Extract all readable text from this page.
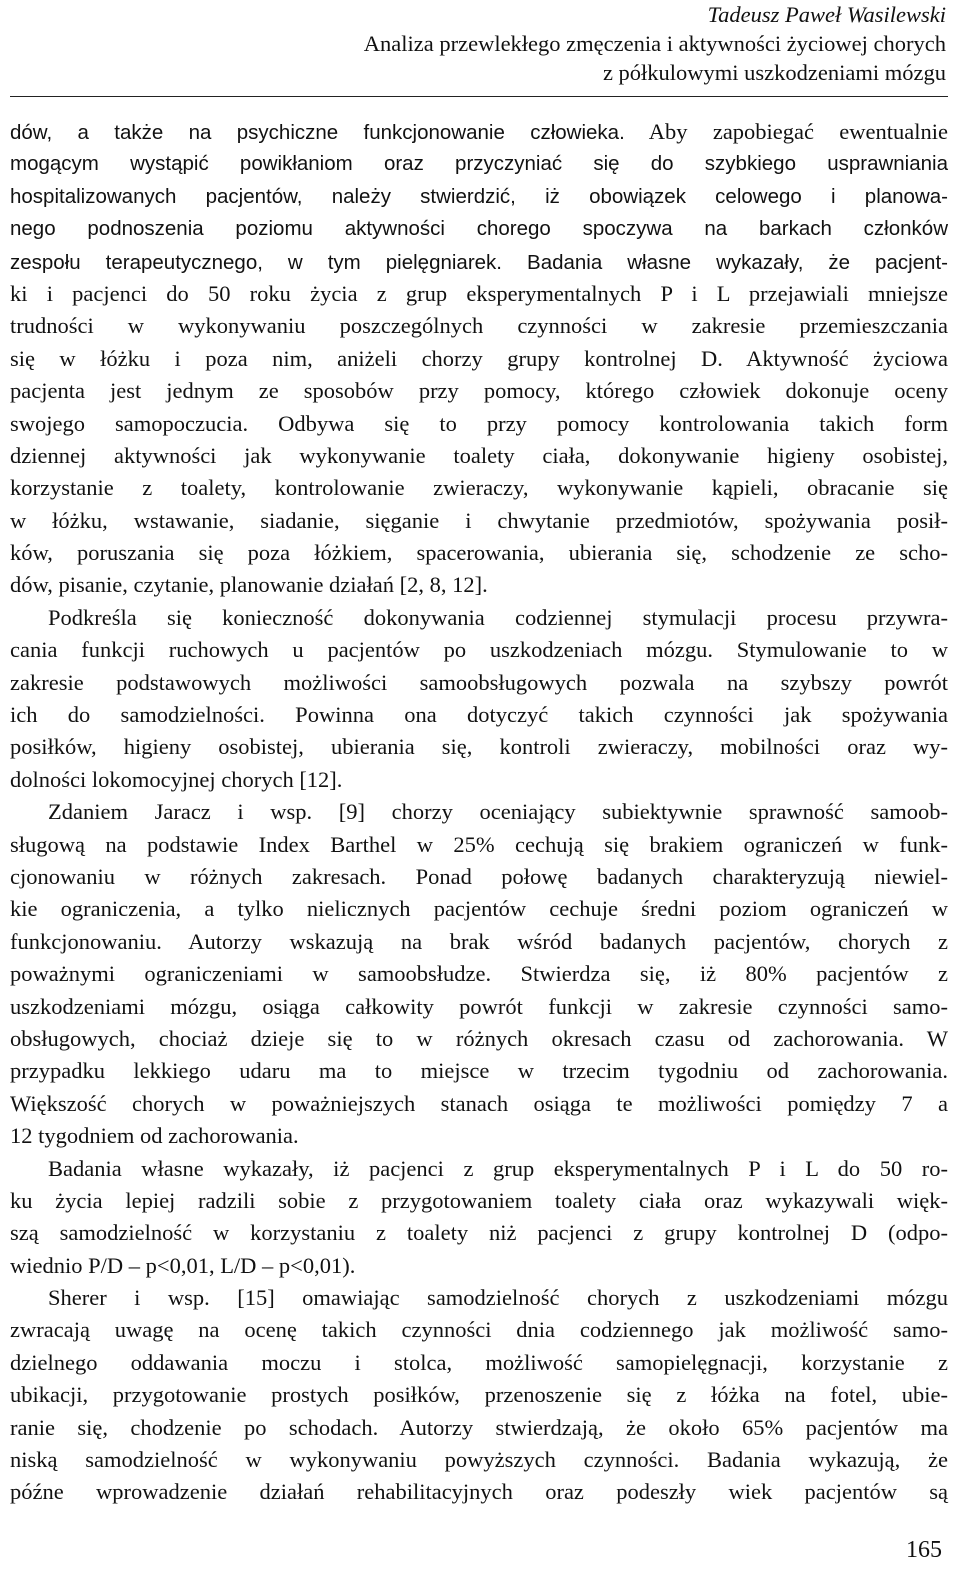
Tadeusz Paweł Wasilewski
Analiza przewlekłego zmęczenia i aktywności życiowej chorych
z półkulowymi uszkodzeniami mózgu
dów, a także na psychiczne funkcjonowanie człowieka. Aby zapobiegać ewentualnie
mogącym wystąpić powikłaniom oraz przyczyniać się do szybkiego usprawniania
hospitalizowanych pacjentów, należy stwierdzić, iż obowiązek celowego i planowa-
nego podnoszenia poziomu aktywności chorego spoczywa na barkach członków
zespołu terapeutycznego, w tym pielęgniarek. Badania własne wykazały, że pacjent-
ki i pacjenci do 50 roku życia z grup eksperymentalnych P i L przejawiali mniejsze
trudności w wykonywaniu poszczególnych czynności w zakresie przemieszczania
się w łóżku i poza nim, aniżeli chorzy grupy kontrolnej D. Aktywność życiowa
pacjenta jest jednym ze sposobów przy pomocy, którego człowiek dokonuje oceny
swojego samopoczucia. Odbywa się to przy pomocy kontrolowania takich form
dziennej aktywności jak wykonywanie toalety ciała, dokonywanie higieny osobistej,
korzystanie z toalety, kontrolowanie zwieraczy, wykonywanie kąpieli, obracanie się
w łóżku, wstawanie, siadanie, sięganie i chwytanie przedmiotów, spożywania posił-
ków, poruszania się poza łóżkiem, spacerowania, ubierania się, schodzenie ze scho-
dów, pisanie, czytanie, planowanie działań [2, 8, 12].
Podkreśla się konieczność dokonywania codziennej stymulacji procesu przywra-
cania funkcji ruchowych u pacjentów po uszkodzeniach mózgu. Stymulowanie to w
zakresie podstawowych możliwości samoobsługowych pozwala na szybszy powrót
ich do samodzielności. Powinna ona dotyczyć takich czynności jak spożywania
posiłków, higieny osobistej, ubierania się, kontroli zwieraczy, mobilności oraz wy-
dolności lokomocyjnej chorych [12].
Zdaniem Jaracz i wsp. [9] chorzy oceniający subiektywnie sprawność samoob-
sługową na podstawie Index Barthel w 25% cechują się brakiem ograniczeń w funk-
cjonowaniu w różnych zakresach. Ponad połowę badanych charakteryzują niewiel-
kie ograniczenia, a tylko nielicznych pacjentów cechuje średni poziom ograniczeń w
funkcjonowaniu. Autorzy wskazują na brak wśród badanych pacjentów, chorych z
poważnymi ograniczeniami w samoobsłudze. Stwierdza się, iż 80% pacjentów z
uszkodzeniami mózgu, osiąga całkowity powrót funkcji w zakresie czynności samo-
obsługowych, chociaż dzieje się to w różnych okresach czasu od zachorowania. W
przypadku lekkiego udaru ma to miejsce w trzecim tygodniu od zachorowania.
Większość chorych w poważniejszych stanach osiąga te możliwości pomiędzy 7 a
12 tygodniem od zachorowania.
Badania własne wykazały, iż pacjenci z grup eksperymentalnych P i L do 50 ro-
ku życia lepiej radzili sobie z przygotowaniem toalety ciała oraz wykazywali więk-
szą samodzielność w korzystaniu z toalety niż pacjenci z grupy kontrolnej D (odpo-
wiednio P/D – p<0,01, L/D – p<0,01).
Sherer i wsp. [15] omawiając samodzielność chorych z uszkodzeniami mózgu
zwracają uwagę na ocenę takich czynności dnia codziennego jak możliwość samo-
dzielnego oddawania moczu i stolca, możliwość samopielęgnacji, korzystanie z
ubikacji, przygotowanie prostych posiłków, przenoszenie się z łóżka na fotel, ubie-
ranie się, chodzenie po schodach. Autorzy stwierdzają, że około 65% pacjentów ma
niską samodzielność w wykonywaniu powyższych czynności. Badania wykazują, że
późne wprowadzenie działań rehabilitacyjnych oraz podeszły wiek pacjentów są
165
